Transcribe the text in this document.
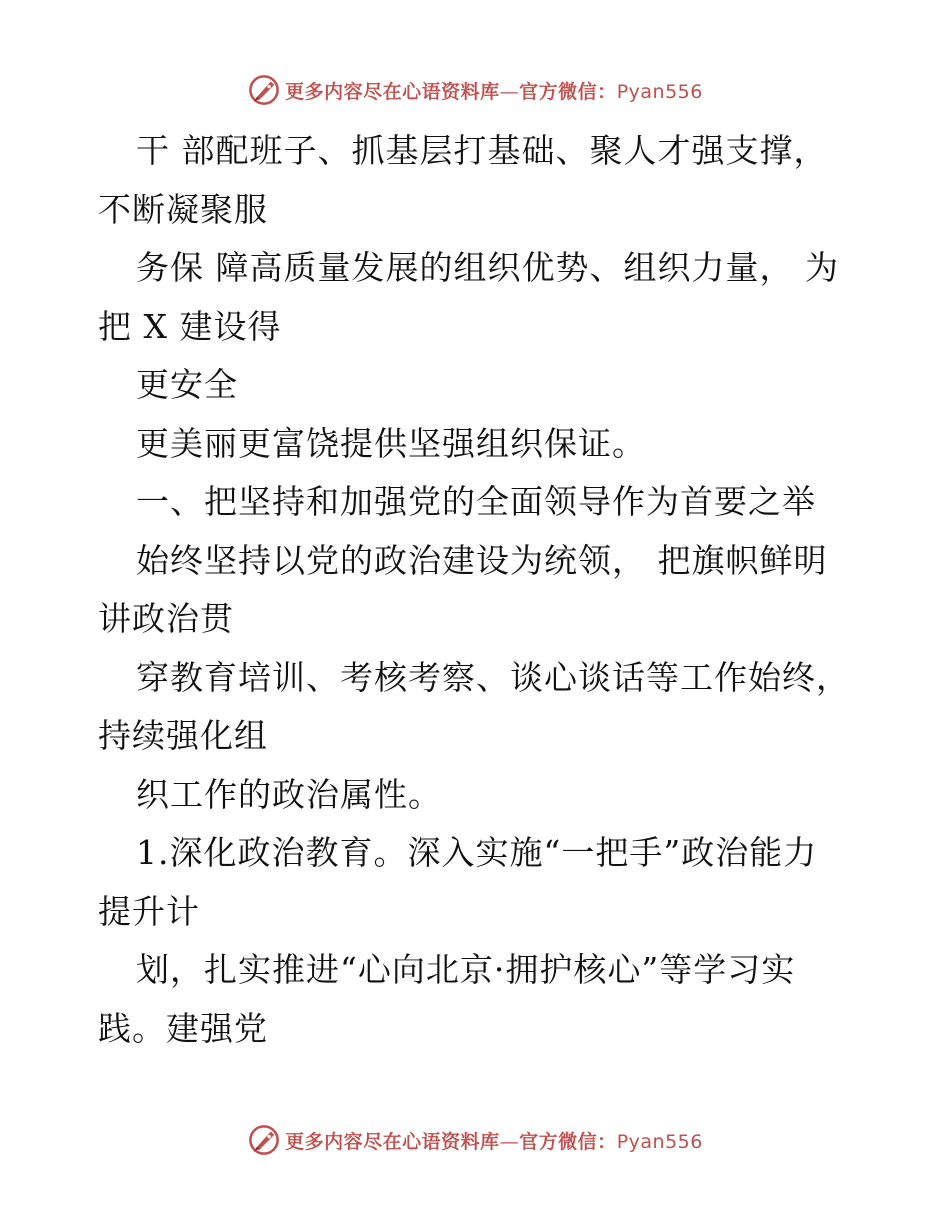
更多内容尽在心语资料库—官方微信：Pyan556
干 部配班子、抓基层打基础、聚人才强支撑，
不断凝聚服
务保 障高质量发展的组织优势、组织力量， 为
把 X 建设得
更安全
更美丽更富饶提供坚强组织保证。
一、把坚持和加强党的全面领导作为首要之举
始终坚持以党的政治建设为统领， 把旗帜鲜明
讲政治贯
穿教育培训、考核考察、谈心谈话等工作始终，
持续强化组
织工作的政治属性。
1.深化政治教育。深入实施“一把手”政治能力
提升计
划，扎实推进“心向北京·拥护核心”等学习实
践。建强党
更多内容尽在心语资料库—官方微信：Pyan556
